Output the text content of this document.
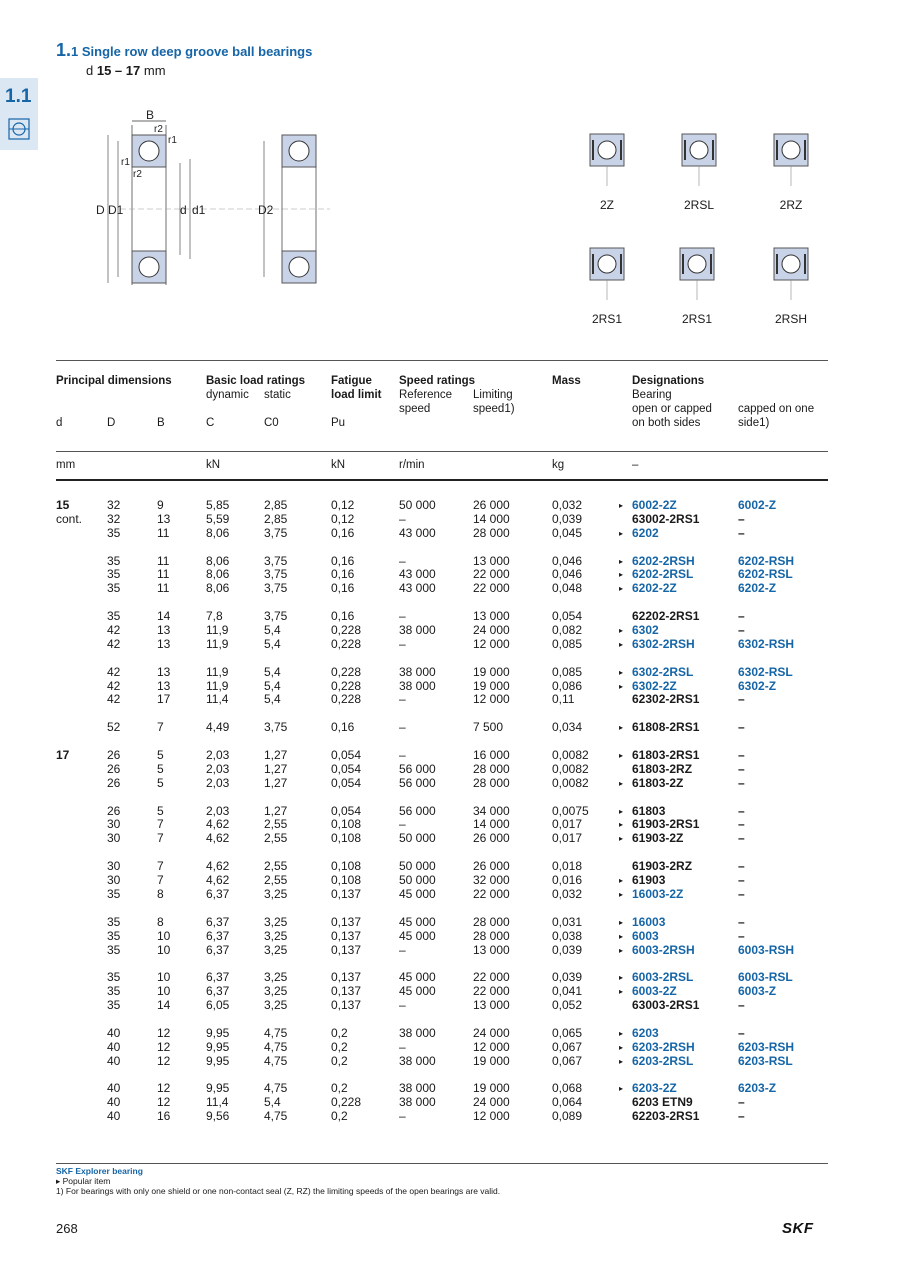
1.1
1.1 Single row deep groove ball bearings
d 15 – 17 mm
B
r2
r1
r1
r2
D D1	d d1	D2	2Z	2RSL	2RZ
2RS1	2RS1	2RSH
Principal dimensions	Basic load ratings
dynamic static
Fatigue
load limit
Speed ratings
Reference
speed
Limiting
speed1)
Mass	Designations
Bearing
open or capped
on both sides
capped on one
side1)
d	D	B	C	C0	Pu
mm	kN	kN	r/min	kg	–
15	32	9	5,85	2,85	0,12	50 000	26 000	0,032	▸ 6002-2Z	6002-Z
cont. 32	13	5,59	2,85	0,12	–	14 000	0,039	63002-2RS1	–
35	11	8,06	3,75	0,16	43 000	28 000	0,045	▸ 6202	–
35	11	8,06	3,75	0,16	–	13 000	0,046	▸ 6202-2RSH	6202-RSH
35	11	8,06	3,75	0,16	43 000	22 000	0,046	▸ 6202-2RSL	6202-RSL
35	11	8,06	3,75	0,16	43 000	22 000	0,048	▸ 6202-2Z	6202-Z
35	14	7,8	3,75	0,16	–	13 000	0,054	62202-2RS1	–
42	13	11,9	5,4	0,228	38 000	24 000	0,082	▸ 6302	–
42	13	11,9	5,4	0,228	–	12 000	0,085	▸ 6302-2RSH	6302-RSH
42	13	11,9	5,4	0,228	38 000	19 000	0,085	▸ 6302-2RSL	6302-RSL
42	13	11,9	5,4	0,228	38 000	19 000	0,086	▸ 6302-2Z	6302-Z
42	17	11,4	5,4	0,228	–	12 000	0,11	62302-2RS1	–
52	7	4,49	3,75	0,16	–	7 500	0,034	▸ 61808-2RS1	–
17	26	5	2,03	1,27	0,054	–	16 000	0,0082	▸ 61803-2RS1	–
26	5	2,03	1,27	0,054	56 000	28 000	0,0082	61803-2RZ	–
26	5	2,03	1,27	0,054	56 000	28 000	0,0082	▸ 61803-2Z	–
26	5	2,03	1,27	0,054	56 000	34 000	0,0075	▸ 61803	–
30	7	4,62	2,55	0,108	–	14 000	0,017	▸ 61903-2RS1	–
30	7	4,62	2,55	0,108	50 000	26 000	0,017	▸ 61903-2Z	–
30	7	4,62	2,55	0,108	50 000	26 000	0,018	61903-2RZ	–
30	7	4,62	2,55	0,108	50 000	32 000	0,016	▸ 61903	–
35	8	6,37	3,25	0,137	45 000	22 000	0,032	▸ 16003-2Z	–
35	8	6,37	3,25	0,137	45 000	28 000	0,031	▸ 16003	–
35	10	6,37	3,25	0,137	45 000	28 000	0,038	▸ 6003	–
35	10	6,37	3,25	0,137	–	13 000	0,039	▸ 6003-2RSH	6003-RSH
35	10	6,37	3,25	0,137	45 000	22 000	0,039	▸ 6003-2RSL	6003-RSL
35	10	6,37	3,25	0,137	45 000	22 000	0,041	▸ 6003-2Z	6003-Z
35	14	6,05	3,25	0,137	–	13 000	0,052	63003-2RS1	–
40	12	9,95	4,75	0,2	38 000	24 000	0,065	▸ 6203	–
40	12	9,95	4,75	0,2	–	12 000	0,067	▸ 6203-2RSH	6203-RSH
40	12	9,95	4,75	0,2	38 000	19 000	0,067	▸ 6203-2RSL	6203-RSL
40	12	9,95	4,75	0,2	38 000	19 000	0,068	▸ 6203-2Z	6203-Z
40	12	11,4	5,4	0,228	38 000	24 000	0,064	6203 ETN9	–
40	16	9,56	4,75	0,2	–	12 000	0,089	62203-2RS1	–
SKF Explorer bearing
▸ Popular item
1) For bearings with only one shield or one non-contact seal (Z, RZ) the limiting speeds of the open bearings are valid.
268	SKF
